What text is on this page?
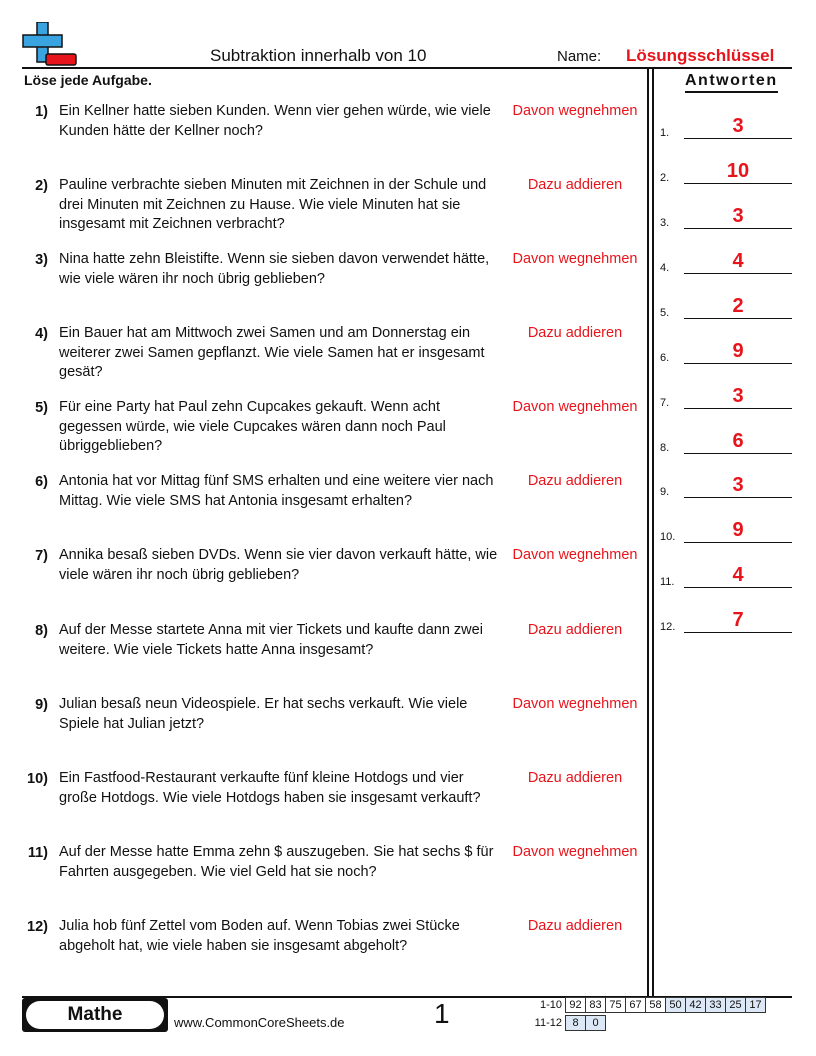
Subtraktion innerhalb von 10	Name: Lösungsschlüssel
Löse jede Aufgabe.	Antworten
1) Ein Kellner hatte sieben Kunden. Wenn vier gehen würde, wie viele Kunden hätte der Kellner noch?
Davon wegnehmen
2) Pauline verbrachte sieben Minuten mit Zeichnen in der Schule und drei Minuten mit Zeichnen zu Hause. Wie viele Minuten hat sie insgesamt mit Zeichnen verbracht?
Dazu addieren
3) Nina hatte zehn Bleistifte. Wenn sie sieben davon verwendet hätte, wie viele wären ihr noch übrig geblieben?
Davon wegnehmen
4) Ein Bauer hat am Mittwoch zwei Samen und am Donnerstag ein weiterer zwei Samen gepflanzt. Wie viele Samen hat er insgesamt gesät?
Dazu addieren
5) Für eine Party hat Paul zehn Cupcakes gekauft. Wenn acht gegessen würde, wie viele Cupcakes wären dann noch Paul übriggeblieben?
Davon wegnehmen
6) Antonia hat vor Mittag fünf SMS erhalten und eine weitere vier nach Mittag. Wie viele SMS hat Antonia insgesamt erhalten?
Dazu addieren
7) Annika besaß sieben DVDs. Wenn sie vier davon verkauft hätte, wie viele wären ihr noch übrig geblieben?
Davon wegnehmen
8) Auf der Messe startete Anna mit vier Tickets und kaufte dann zwei weitere. Wie viele Tickets hatte Anna insgesamt?
Dazu addieren
9) Julian besaß neun Videospiele. Er hat sechs verkauft. Wie viele Spiele hat Julian jetzt?
Davon wegnehmen
10) Ein Fastfood-Restaurant verkaufte fünf kleine Hotdogs und vier große Hotdogs. Wie viele Hotdogs haben sie insgesamt verkauft?
Dazu addieren
11) Auf der Messe hatte Emma zehn $ auszugeben. Sie hat sechs $ für Fahrten ausgegeben. Wie viel Geld hat sie noch?
Davon wegnehmen
12) Julia hob fünf Zettel vom Boden auf. Wenn Tobias zwei Stücke abgeholt hat, wie viele haben sie insgesamt abgeholt?
Dazu addieren
1.	3
2.	10
3.	3
4.	4
5.	2
6.	9
7.	3
8.	6
9.	3
10.	9
11.	4
12.	7
Mathe	www.CommonCoreSheets.de	1	1-10 92 83 75 67 58 50 42 33 25 17
11-12 8	0
